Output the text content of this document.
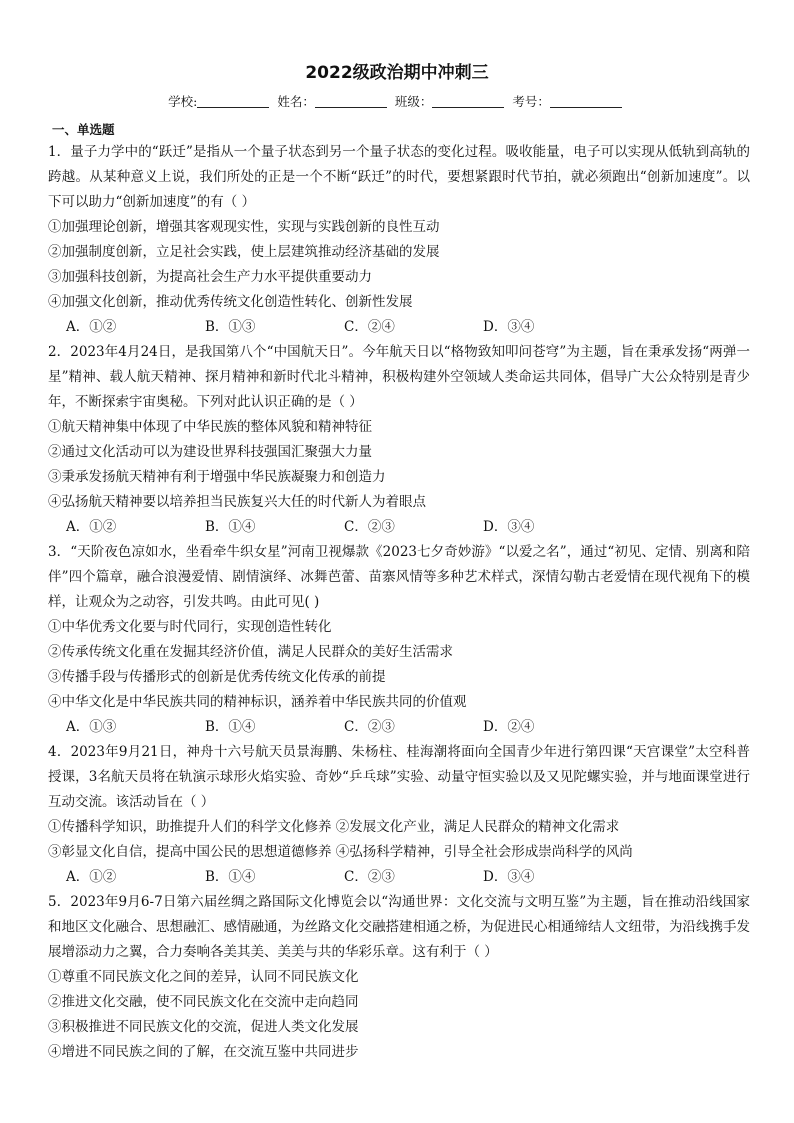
2022级政治期中冲刺三
学校:	姓名：	班级：	考号：
一、单选题

1．量子力学中的“跃迁”是指从一个量子状态到另一个量子状态的变化过程。吸收能量，电子可以实现从低轨到高轨的跨越。从某种意义上说，我们所处的正是一个不断“跃迁”的时代，要想紧跟时代节拍，就必须跑出“创新加速度”。以下可以助力“创新加速度”的有（ ）

①加强理论创新，增强其客观现实性，实现与实践创新的良性互动

②加强制度创新，立足社会实践，使上层建筑推动经济基础的发展

③加强科技创新，为提高社会生产力水平提供重要动力

④加强文化创新，推动优秀传统文化创造性转化、创新性发展

A．①②	B．①③	C．②④	D．③④

2．2023年4月24日，是我国第八个“中国航天日”。今年航天日以“格物致知叩问苍穹”为主题，旨在秉承发扬“两弹一星”精神、载人航天精神、探月精神和新时代北斗精神，积极构建外空领域人类命运共同体，倡导广大公众特别是青少年，不断探索宇宙奥秘。下列对此认识正确的是（ ）

①航天精神集中体现了中华民族的整体风貌和精神特征

②通过文化活动可以为建设世界科技强国汇聚强大力量

③秉承发扬航天精神有利于增强中华民族凝聚力和创造力

④弘扬航天精神要以培养担当民族复兴大任的时代新人为着眼点

A．①②	B．①④	C．②③	D．③④

3．“天阶夜色凉如水，坐看牵牛织女星”河南卫视爆款《2023七夕奇妙游》“以爱之名”，通过“初见、定情、别离和陪伴”四个篇章，融合浪漫爱情、剧情演绎、冰舞芭蕾、苗寨风情等多种艺术样式，深情勾勒古老爱情在现代视角下的模样，让观众为之动容，引发共鸣。由此可见( )

①中华优秀文化要与时代同行，实现创造性转化

②传承传统文化重在发掘其经济价值，满足人民群众的美好生活需求

③传播手段与传播形式的创新是优秀传统文化传承的前提

④中华文化是中华民族共同的精神标识，涵养着中华民族共同的价值观

A．①③	B．①④	C．②③	D．②④

4．2023年9月21日，神舟十六号航天员景海鹏、朱杨柱、桂海潮将面向全国青少年进行第四课“天宫课堂”太空科普授课，3名航天员将在轨演示球形火焰实验、奇妙“乒乓球”实验、动量守恒实验以及又见陀螺实验，并与地面课堂进行互动交流。该活动旨在（ ）

①传播科学知识，助推提升人们的科学文化修养 ②发展文化产业，满足人民群众的精神文化需求

③彰显文化自信，提高中国公民的思想道德修养 ④弘扬科学精神，引导全社会形成崇尚科学的风尚

A．①②	B．①④	C．②③	D．③④

5．2023年9月6-7日第六届丝绸之路国际文化博览会以“沟通世界：文化交流与文明互鉴”为主题，旨在推动沿线国家和地区文化融合、思想融汇、感情融通，为丝路文化交融搭建相通之桥，为促进民心相通缔结人文纽带，为沿线携手发展增添动力之翼，合力奏响各美其美、美美与共的华彩乐章。这有利于（ ）

①尊重不同民族文化之间的差异，认同不同民族文化

②推进文化交融，使不同民族文化在交流中走向趋同

③积极推进不同民族文化的交流，促进人类文化发展

④增进不同民族之间的了解，在交流互鉴中共同进步
